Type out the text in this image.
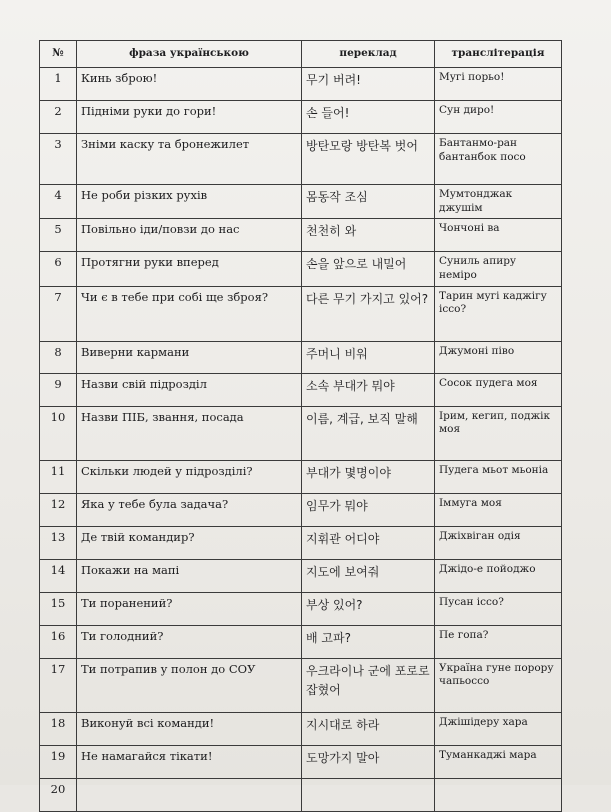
№	фраза українською	переклад	транслітерація
1	Кинь зброю!	무기 버려!	Мугі порьо!
2	Підніми руки до гори!	손 들어!	Сун диро!
3	Зніми каску та бронежилет	방탄모랑 방탄복 벗어	Бантанмо-ран бантанбок посо
4	Не роби різких рухів	몸동작 조심	Мумтонджак джушім
5	Повільно іди/повзи до нас	천천히 와	Чончоні ва
6	Протягни руки вперед	손을 앞으로 내밀어	Суниль апиру неміро
7	Чи є в тебе при собі ще зброя?	다른 무기 가지고 있어?	Тарин мугі каджігу іссо?
8	Виверни кармани	주머니 비워	Джумоні піво
9	Назви свій підрозділ	소속 부대가 뭐야	Сосок пудега моя
10	Назви ПІБ, звання, посада	이름, 계급, 보직 말해	Ірим, кегип, поджік моя
11	Скільки людей у підрозділі?	부대가 몇명이야	Пудега мьот мьоніа
12	Яка у тебе була задача?	임무가 뭐야	Іммуга моя
13	Де твій командир?	지휘관 어디야	Джіхвіган одія
14	Покажи на мапі	지도에 보여줘	Джідо-е пойоджо
15	Ти поранений?	부상 있어?	Пусан іссо?
16	Ти голодний?	배 고파?	Пе гопа?
17	Ти потрапив у полон до СОУ	우크라이나 군에 포로로 잡혔어	Україна гуне порору чапьоссо
18	Виконуй всі команди!	지시대로 하라	Джішідеру хара
19	Не намагайся тікати!	도망가지 말아	Туманкаджі мара
20			
